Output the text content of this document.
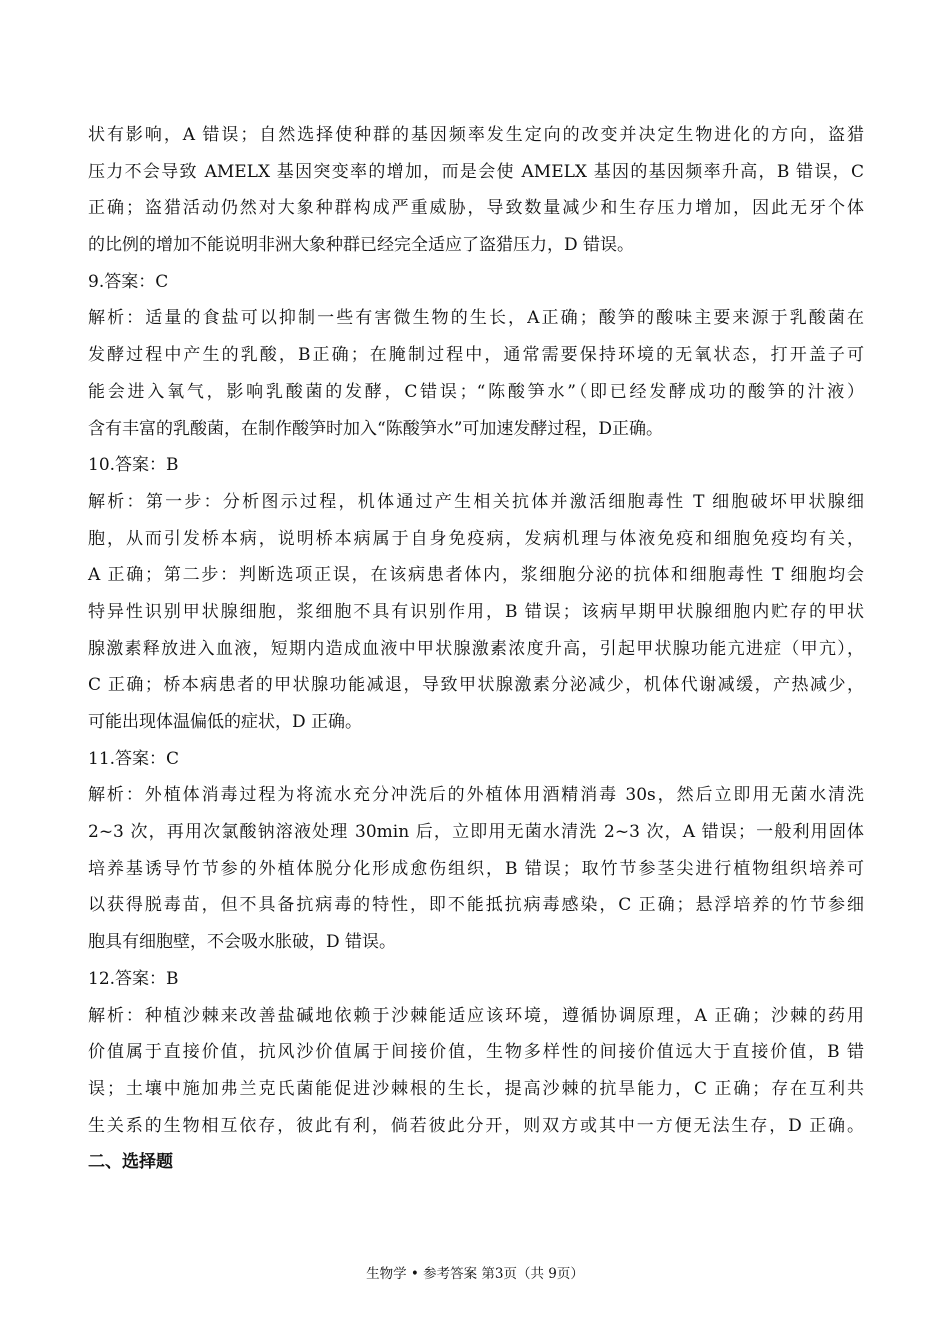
状有影响，A 错误；自然选择使种群的基因频率发生定向的改变并决定生物进化的方向，盗猎
压力不会导致 AMELX 基因突变率的增加，而是会使 AMELX 基因的基因频率升高，B 错误，C
正确；盗猎活动仍然对大象种群构成严重威胁，导致数量减少和生存压力增加，因此无牙个体
的比例的增加不能说明非洲大象种群已经完全适应了盗猎压力，D 错误。
9.答案：C
解析：适量的食盐可以抑制一些有害微生物的生长，A正确；酸笋的酸味主要来源于乳酸菌在
发酵过程中产生的乳酸，B正确；在腌制过程中，通常需要保持环境的无氧状态，打开盖子可
能会进入氧气，影响乳酸菌的发酵，C错误；“陈酸笋水”（即已经发酵成功的酸笋的汁液）
含有丰富的乳酸菌，在制作酸笋时加入“陈酸笋水”可加速发酵过程，D正确。
10.答案：B
解析：第一步：分析图示过程，机体通过产生相关抗体并激活细胞毒性 T 细胞破坏甲状腺细
胞，从而引发桥本病，说明桥本病属于自身免疫病，发病机理与体液免疫和细胞免疫均有关，
A 正确；第二步：判断选项正误，在该病患者体内，浆细胞分泌的抗体和细胞毒性 T 细胞均会
特异性识别甲状腺细胞，浆细胞不具有识别作用，B 错误；该病早期甲状腺细胞内贮存的甲状
腺激素释放进入血液，短期内造成血液中甲状腺激素浓度升高，引起甲状腺功能亢进症（甲亢），
C 正确；桥本病患者的甲状腺功能减退，导致甲状腺激素分泌减少，机体代谢减缓，产热减少，
可能出现体温偏低的症状，D 正确。
11.答案：C
解析：外植体消毒过程为将流水充分冲洗后的外植体用酒精消毒 30s，然后立即用无菌水清洗
2~3 次，再用次氯酸钠溶液处理 30min 后，立即用无菌水清洗 2~3 次，A 错误；一般利用固体
培养基诱导竹节参的外植体脱分化形成愈伤组织，B 错误；取竹节参茎尖进行植物组织培养可
以获得脱毒苗，但不具备抗病毒的特性，即不能抵抗病毒感染，C 正确；悬浮培养的竹节参细
胞具有细胞壁，不会吸水胀破，D 错误。
12.答案：B
解析：种植沙棘来改善盐碱地依赖于沙棘能适应该环境，遵循协调原理，A 正确；沙棘的药用
价值属于直接价值，抗风沙价值属于间接价值，生物多样性的间接价值远大于直接价值，B 错
误；土壤中施加弗兰克氏菌能促进沙棘根的生长，提高沙棘的抗旱能力，C 正确；存在互利共
生关系的生物相互依存，彼此有利，倘若彼此分开，则双方或其中一方便无法生存，D 正确。
二、选择题
生物学 • 参考答案 第3页（共 9页）
